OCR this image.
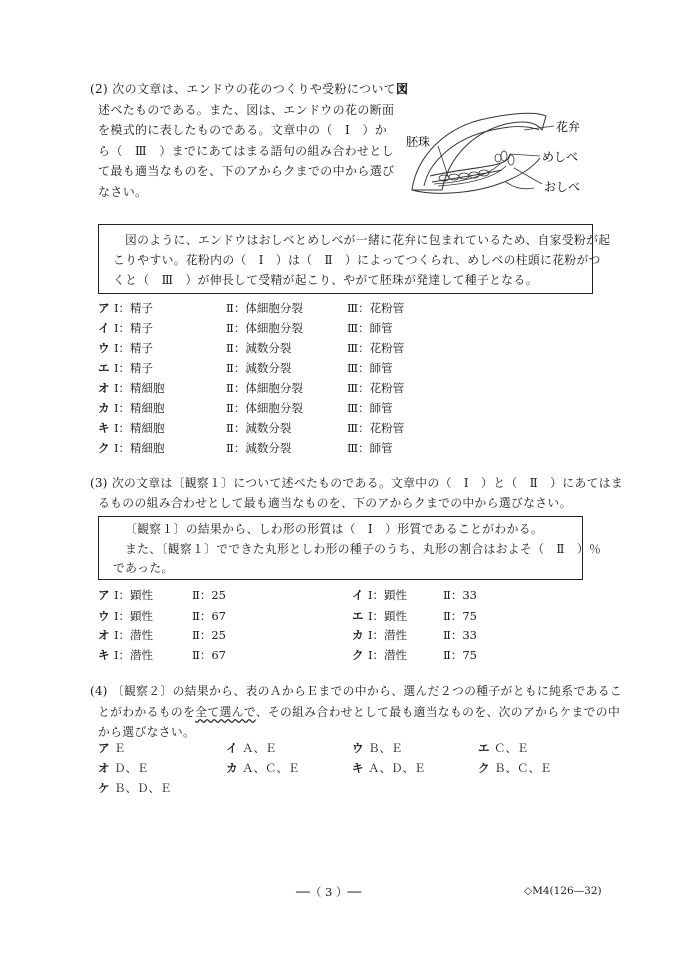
(2) 次の文章は、エンドウの花のつくりや受粉について
述べたものである。また、図は、エンドウの花の断面
を模式的に表したものである。文章中の（　Ⅰ　）か
ら（　Ⅲ　）までにあてはまる語句の組み合わせとし
て最も適当なものを、下のアからクまでの中から選び
なさい。
図
花弁
めしべ
おしべ
胚珠
図のように、エンドウはおしべとめしべが一緒に花弁に包まれているため、自家受粉が起
こりやすい。花粉内の（　Ⅰ　）は（　Ⅱ　）によってつくられ、めしべの柱頭に花粉がつ
くと（　Ⅲ　）が伸長して受精が起こり、やがて胚珠が発達して種子となる。
ア Ⅰ：精子	Ⅱ：体細胞分裂	Ⅲ：花粉管
イ Ⅰ：精子	Ⅱ：体細胞分裂	Ⅲ：師管
ウ Ⅰ：精子	Ⅱ：減数分裂	Ⅲ：花粉管
エ Ⅰ：精子	Ⅱ：減数分裂	Ⅲ：師管
オ Ⅰ：精細胞	Ⅱ：体細胞分裂	Ⅲ：花粉管
カ Ⅰ：精細胞	Ⅱ：体細胞分裂	Ⅲ：師管
キ Ⅰ：精細胞	Ⅱ：減数分裂	Ⅲ：花粉管
ク Ⅰ：精細胞	Ⅱ：減数分裂	Ⅲ：師管
(3) 次の文章は〔観察１〕について述べたものである。文章中の（　Ⅰ　）と（　Ⅱ　）にあてはま
るものの組み合わせとして最も適当なものを、下のアからクまでの中から選びなさい。
〔観察１〕の結果から、しわ形の形質は（　Ⅰ　）形質であることがわかる。
また、〔観察１〕でできた丸形としわ形の種子のうち、丸形の割合はおよそ（　Ⅱ　）％
であった。
ア Ⅰ：顕性	Ⅱ：25	イ Ⅰ：顕性	Ⅱ：33
ウ Ⅰ：顕性	Ⅱ：67	エ Ⅰ：顕性	Ⅱ：75
オ Ⅰ：潜性	Ⅱ：25	カ Ⅰ：潜性	Ⅱ：33
キ Ⅰ：潜性	Ⅱ：67	ク Ⅰ：潜性	Ⅱ：75
(4) 〔観察２〕の結果から、表のＡからＥまでの中から、選んだ２つの種子がともに純系であるこ
とがわかるものを全て選んで、その組み合わせとして最も適当なものを、次のアからケまでの中
から選びなさい。
ア Ｅ	イ Ａ、Ｅ	ウ Ｂ、Ｅ	エ Ｃ、Ｅ
オ Ｄ、Ｅ	カ Ａ、Ｃ、Ｅ	キ Ａ、Ｄ、Ｅ	ク Ｂ、Ｃ、Ｅ
ケ Ｂ、Ｄ、Ｅ
──（ 3 ）──	◇M4(126—32)
